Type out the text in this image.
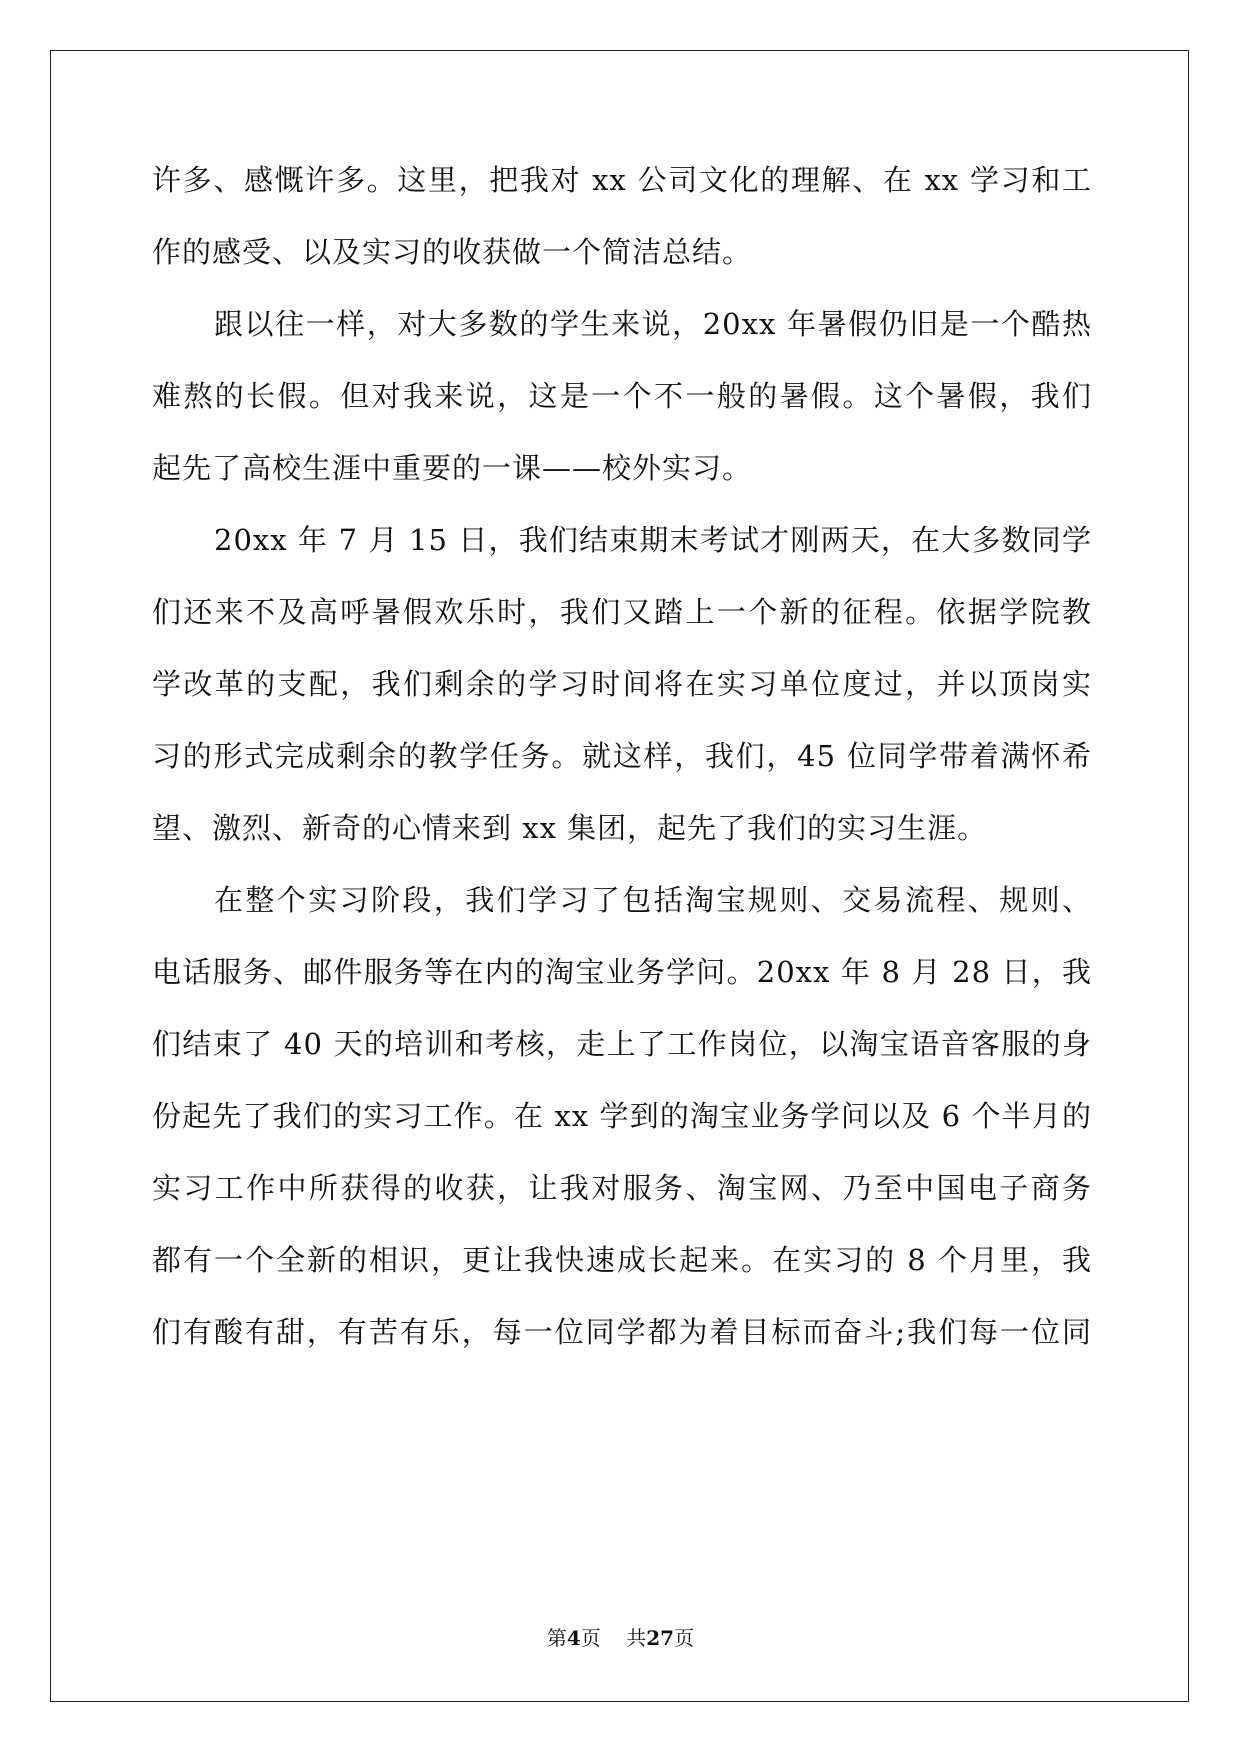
许多、感慨许多。这里，把我对 xx 公司文化的理解、在 xx 学习和工
作的感受、以及实习的收获做一个简洁总结。
跟以往一样，对大多数的学生来说，20xx 年暑假仍旧是一个酷热
难熬的长假。但对我来说，这是一个不一般的暑假。这个暑假，我们
起先了高校生涯中重要的一课——校外实习。
20xx 年 7 月 15 日，我们结束期末考试才刚两天，在大多数同学
们还来不及高呼暑假欢乐时，我们又踏上一个新的征程。依据学院教
学改革的支配，我们剩余的学习时间将在实习单位度过，并以顶岗实
习的形式完成剩余的教学任务。就这样，我们，45 位同学带着满怀希
望、激烈、新奇的心情来到 xx 集团，起先了我们的实习生涯。
在整个实习阶段，我们学习了包括淘宝规则、交易流程、规则、
电话服务、邮件服务等在内的淘宝业务学问。20xx 年 8 月 28 日，我
们结束了 40 天的培训和考核，走上了工作岗位，以淘宝语音客服的身
份起先了我们的实习工作。在 xx 学到的淘宝业务学问以及 6 个半月的
实习工作中所获得的收获，让我对服务、淘宝网、乃至中国电子商务
都有一个全新的相识，更让我快速成长起来。在实习的 8 个月里，我
们有酸有甜，有苦有乐，每一位同学都为着目标而奋斗;我们每一位同
第4页 共27页
